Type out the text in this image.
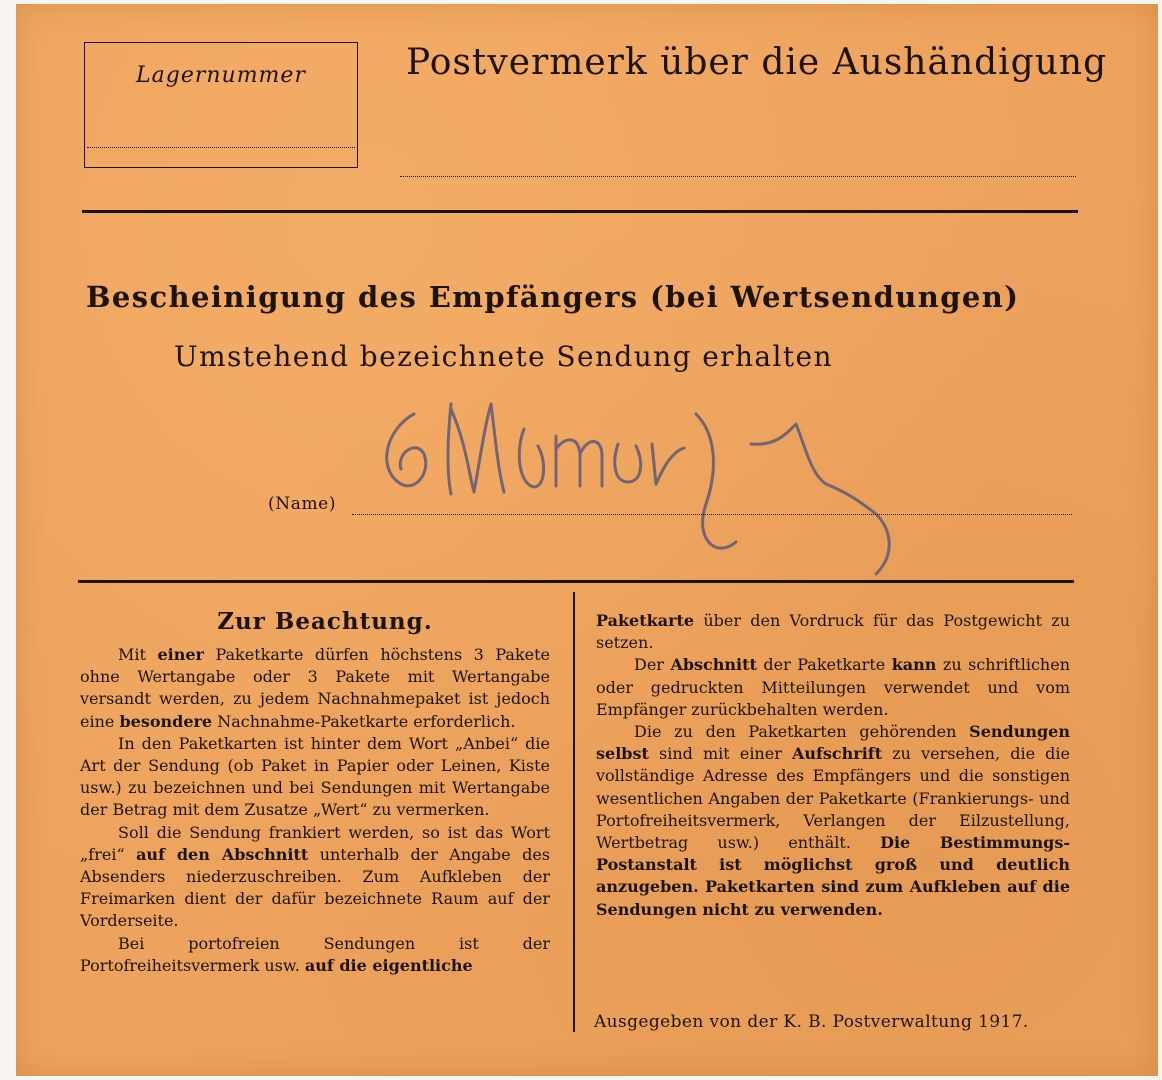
Lagernummer	Postvermerk über die Aushändigung
Bescheinigung des Empfängers (bei Wertsendungen)
Umstehend bezeichnete Sendung erhalten
(Name)
Zur Beachtung.

Mit einer Paketkarte dürfen höchstens 3 Pakete ohne Wertangabe oder 3 Pakete mit Wertangabe versandt werden, zu jedem Nachnahmepaket ist jedoch eine besondere Nachnahme-Paketkarte erforderlich.

In den Paketkarten ist hinter dem Wort „Anbei“ die Art der Sendung (ob Paket in Papier oder Leinen, Kiste usw.) zu bezeichnen und bei Sendungen mit Wertangabe der Betrag mit dem Zusatze „Wert“ zu vermerken.

Soll die Sendung frankiert werden, so ist das Wort „frei“ auf den Abschnitt unterhalb der Angabe des Absenders niederzuschreiben. Zum Aufkleben der Freimarken dient der dafür bezeichnete Raum auf der Vorderseite.

Bei portofreien Sendungen ist der Portofreiheitsvermerk usw. auf die eigentliche

Paketkarte über den Vordruck für das Postgewicht zu setzen.

Der Abschnitt der Paketkarte kann zu schriftlichen oder gedruckten Mitteilungen verwendet und vom Empfänger zurückbehalten werden.

Die zu den Paketkarten gehörenden Sendungen selbst sind mit einer Aufschrift zu versehen, die die vollständige Adresse des Empfängers und die sonstigen wesentlichen Angaben der Paketkarte (Frankierungs- und Portofreiheitsvermerk, Verlangen der Eilzustellung, Wertbetrag usw.) enthält. Die Bestimmungs-Postanstalt ist möglichst groß und deutlich anzugeben. Paketkarten sind zum Aufkleben auf die Sendungen nicht zu verwenden.

Ausgegeben von der K. B. Postverwaltung 1917.
